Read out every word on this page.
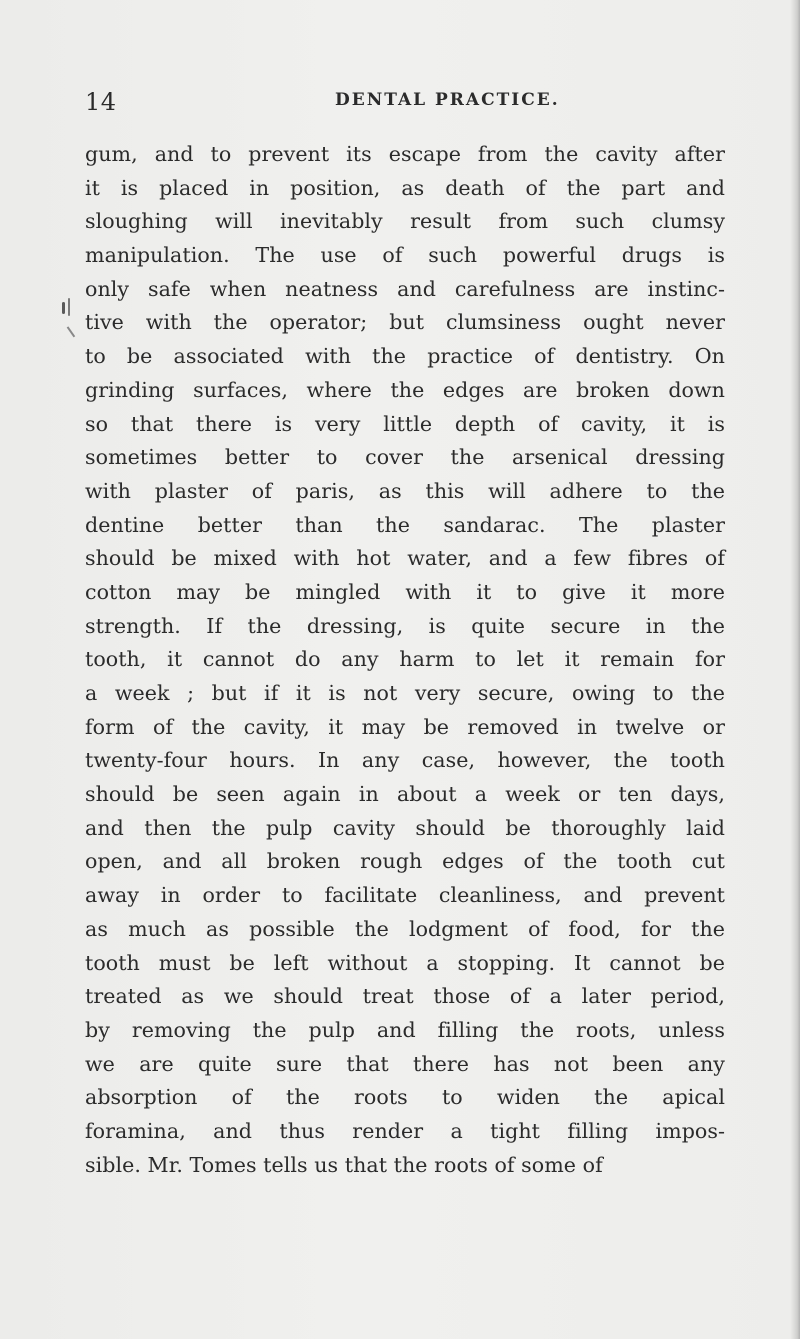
14	DENTAL PRACTICE.
gum, and to prevent its escape from the cavity after
it is placed in position, as death of the part and
sloughing will inevitably result from such clumsy
manipulation. The use of such powerful drugs is
only safe when neatness and carefulness are instinc-
tive with the operator; but clumsiness ought never
to be associated with the practice of dentistry. On
grinding surfaces, where the edges are broken down
so that there is very little depth of cavity, it is
sometimes better to cover the arsenical dressing
with plaster of paris, as this will adhere to the
dentine better than the sandarac. The plaster
should be mixed with hot water, and a few fibres of
cotton may be mingled with it to give it more
strength. If the dressing, is quite secure in the
tooth, it cannot do any harm to let it remain for
a week ; but if it is not very secure, owing to the
form of the cavity, it may be removed in twelve or
twenty-four hours. In any case, however, the tooth
should be seen again in about a week or ten days,
and then the pulp cavity should be thoroughly laid
open, and all broken rough edges of the tooth cut
away in order to facilitate cleanliness, and prevent
as much as possible the lodgment of food, for the
tooth must be left without a stopping. It cannot be
treated as we should treat those of a later period,
by removing the pulp and filling the roots, unless
we are quite sure that there has not been any
absorption of the roots to widen the apical
foramina, and thus render a tight filling impos-
sible. Mr. Tomes tells us that the roots of some of
